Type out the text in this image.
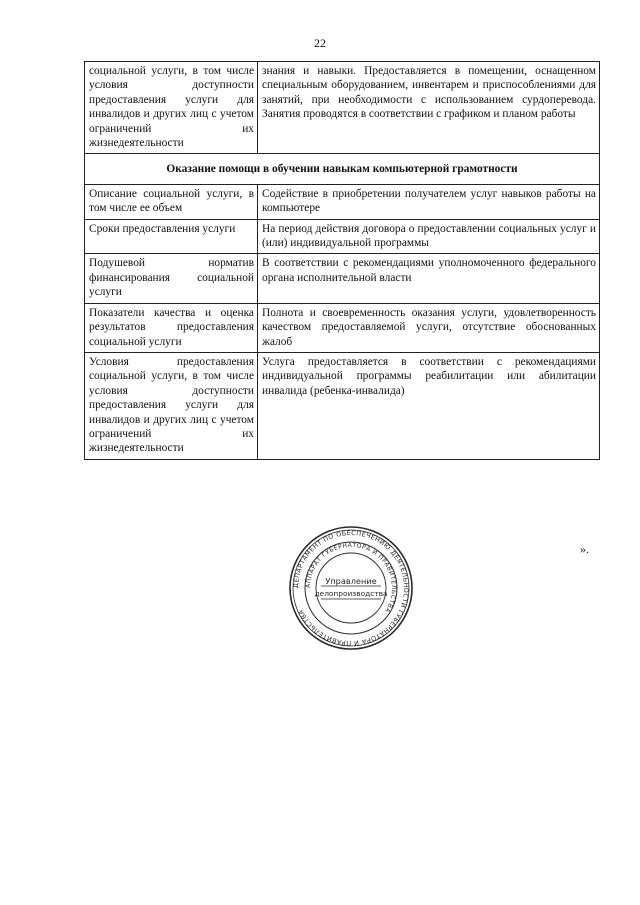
22
социальной услуги, в том числе условия доступности предоставления услуги для инвалидов и других лиц с учетом ограничений их жизнедеятельности	знания и навыки. Предоставляется в помещении, оснащенном специальным оборудованием, инвентарем и приспособлениями для занятий, при необходимости с использованием сурдоперевода. Занятия проводятся в соответствии с графиком и планом работы
Оказание помощи в обучении навыкам компьютерной грамотности	
Описание социальной услуги, в том числе ее объем	Содействие в приобретении получателем услуг навыков работы на компьютере
Сроки предоставления услуги	На период действия договора о предоставлении социальных услуг и (или) индивидуальной программы
Подушевой норматив финансирования социальной услуги	В соответствии с рекомендациями уполномоченного федерального органа исполнительной власти
Показатели качества и оценка результатов предоставления социальной услуги	Полнота и своевременность оказания услуги, удовлетворенность качеством предоставляемой услуги, отсутствие обоснованных жалоб
Условия предоставления социальной услуги, в том числе условия доступности предоставления услуги для инвалидов и других лиц с учетом ограничений их жизнедеятельности	Услуга предоставляется в соответствии с рекомендациями индивидуальной программы реабилитации или абилитации инвалида (ребенка-инвалида)
».
ДЕПАРТАМЕНТ ПО ОБЕСПЕЧЕНИЮ ДЕЯТЕЛЬНОСТИ ГУБЕРНАТОРА И ПРАВИТЕЛЬСТВА
АППАРАТ ГУБЕРНАТОРА И ПРАВИТЕЛЬСТВА
Управление
делопроизводства
